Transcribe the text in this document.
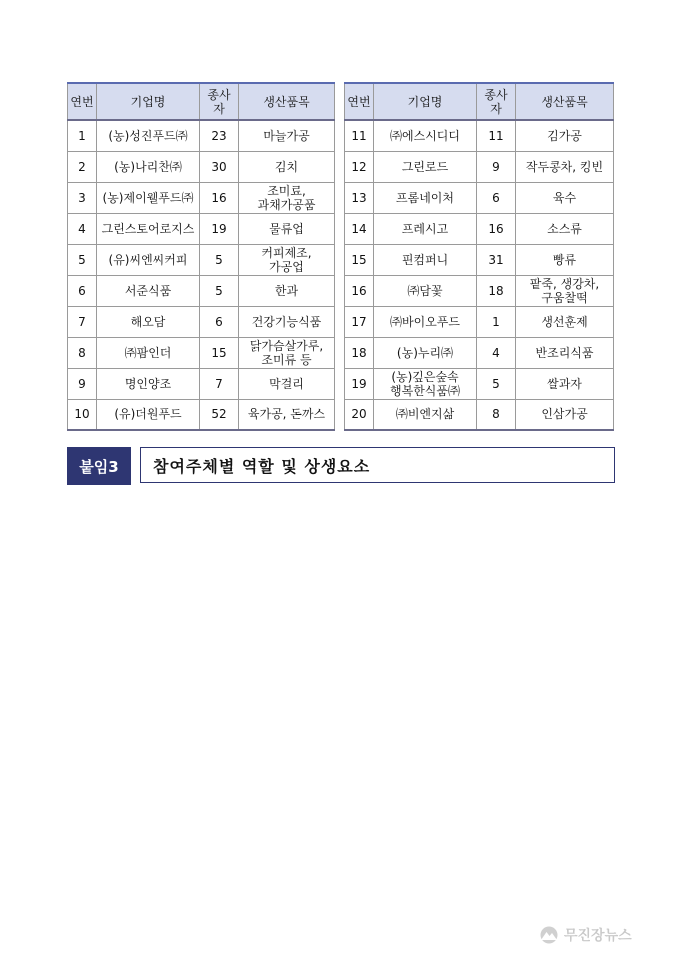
연번	기업명	종사자	생산품목
1	(농)성진푸드㈜	23	마늘가공
2	(농)나리찬㈜	30	김치
3	(농)제이웰푸드㈜	16	조미료,
과채가공품
4	그린스토어로지스	19	물류업
5	(유)씨엔씨커피	5	커피제조,
가공업
6	서준식품	5	한과
7	해오담	6	건강기능식품
8	㈜팜인더	15	닭가슴살가루,
조미류 등
9	명인양조	7	막걸리
10	(유)더원푸드	52	육가공, 돈까스
연번	기업명	종사자	생산품목
11	㈜에스시디디	11	김가공
12	그린로드	9	작두콩차, 킹빈
13	프롬네이처	6	육수
14	프레시고	16	소스류
15	핀컴퍼니	31	빵류
16	㈜담꽃	18	팥죽, 생강차,
구움찰떡
17	㈜바이오푸드	1	생선훈제
18	(농)누리㈜	4	반조리식품
19	(농)깊은숲속
행복한식품㈜	5	쌀과자
20	㈜비엔지삶	8	인삼가공
붙임3	참여주체별 역할 및 상생요소
무진장뉴스
